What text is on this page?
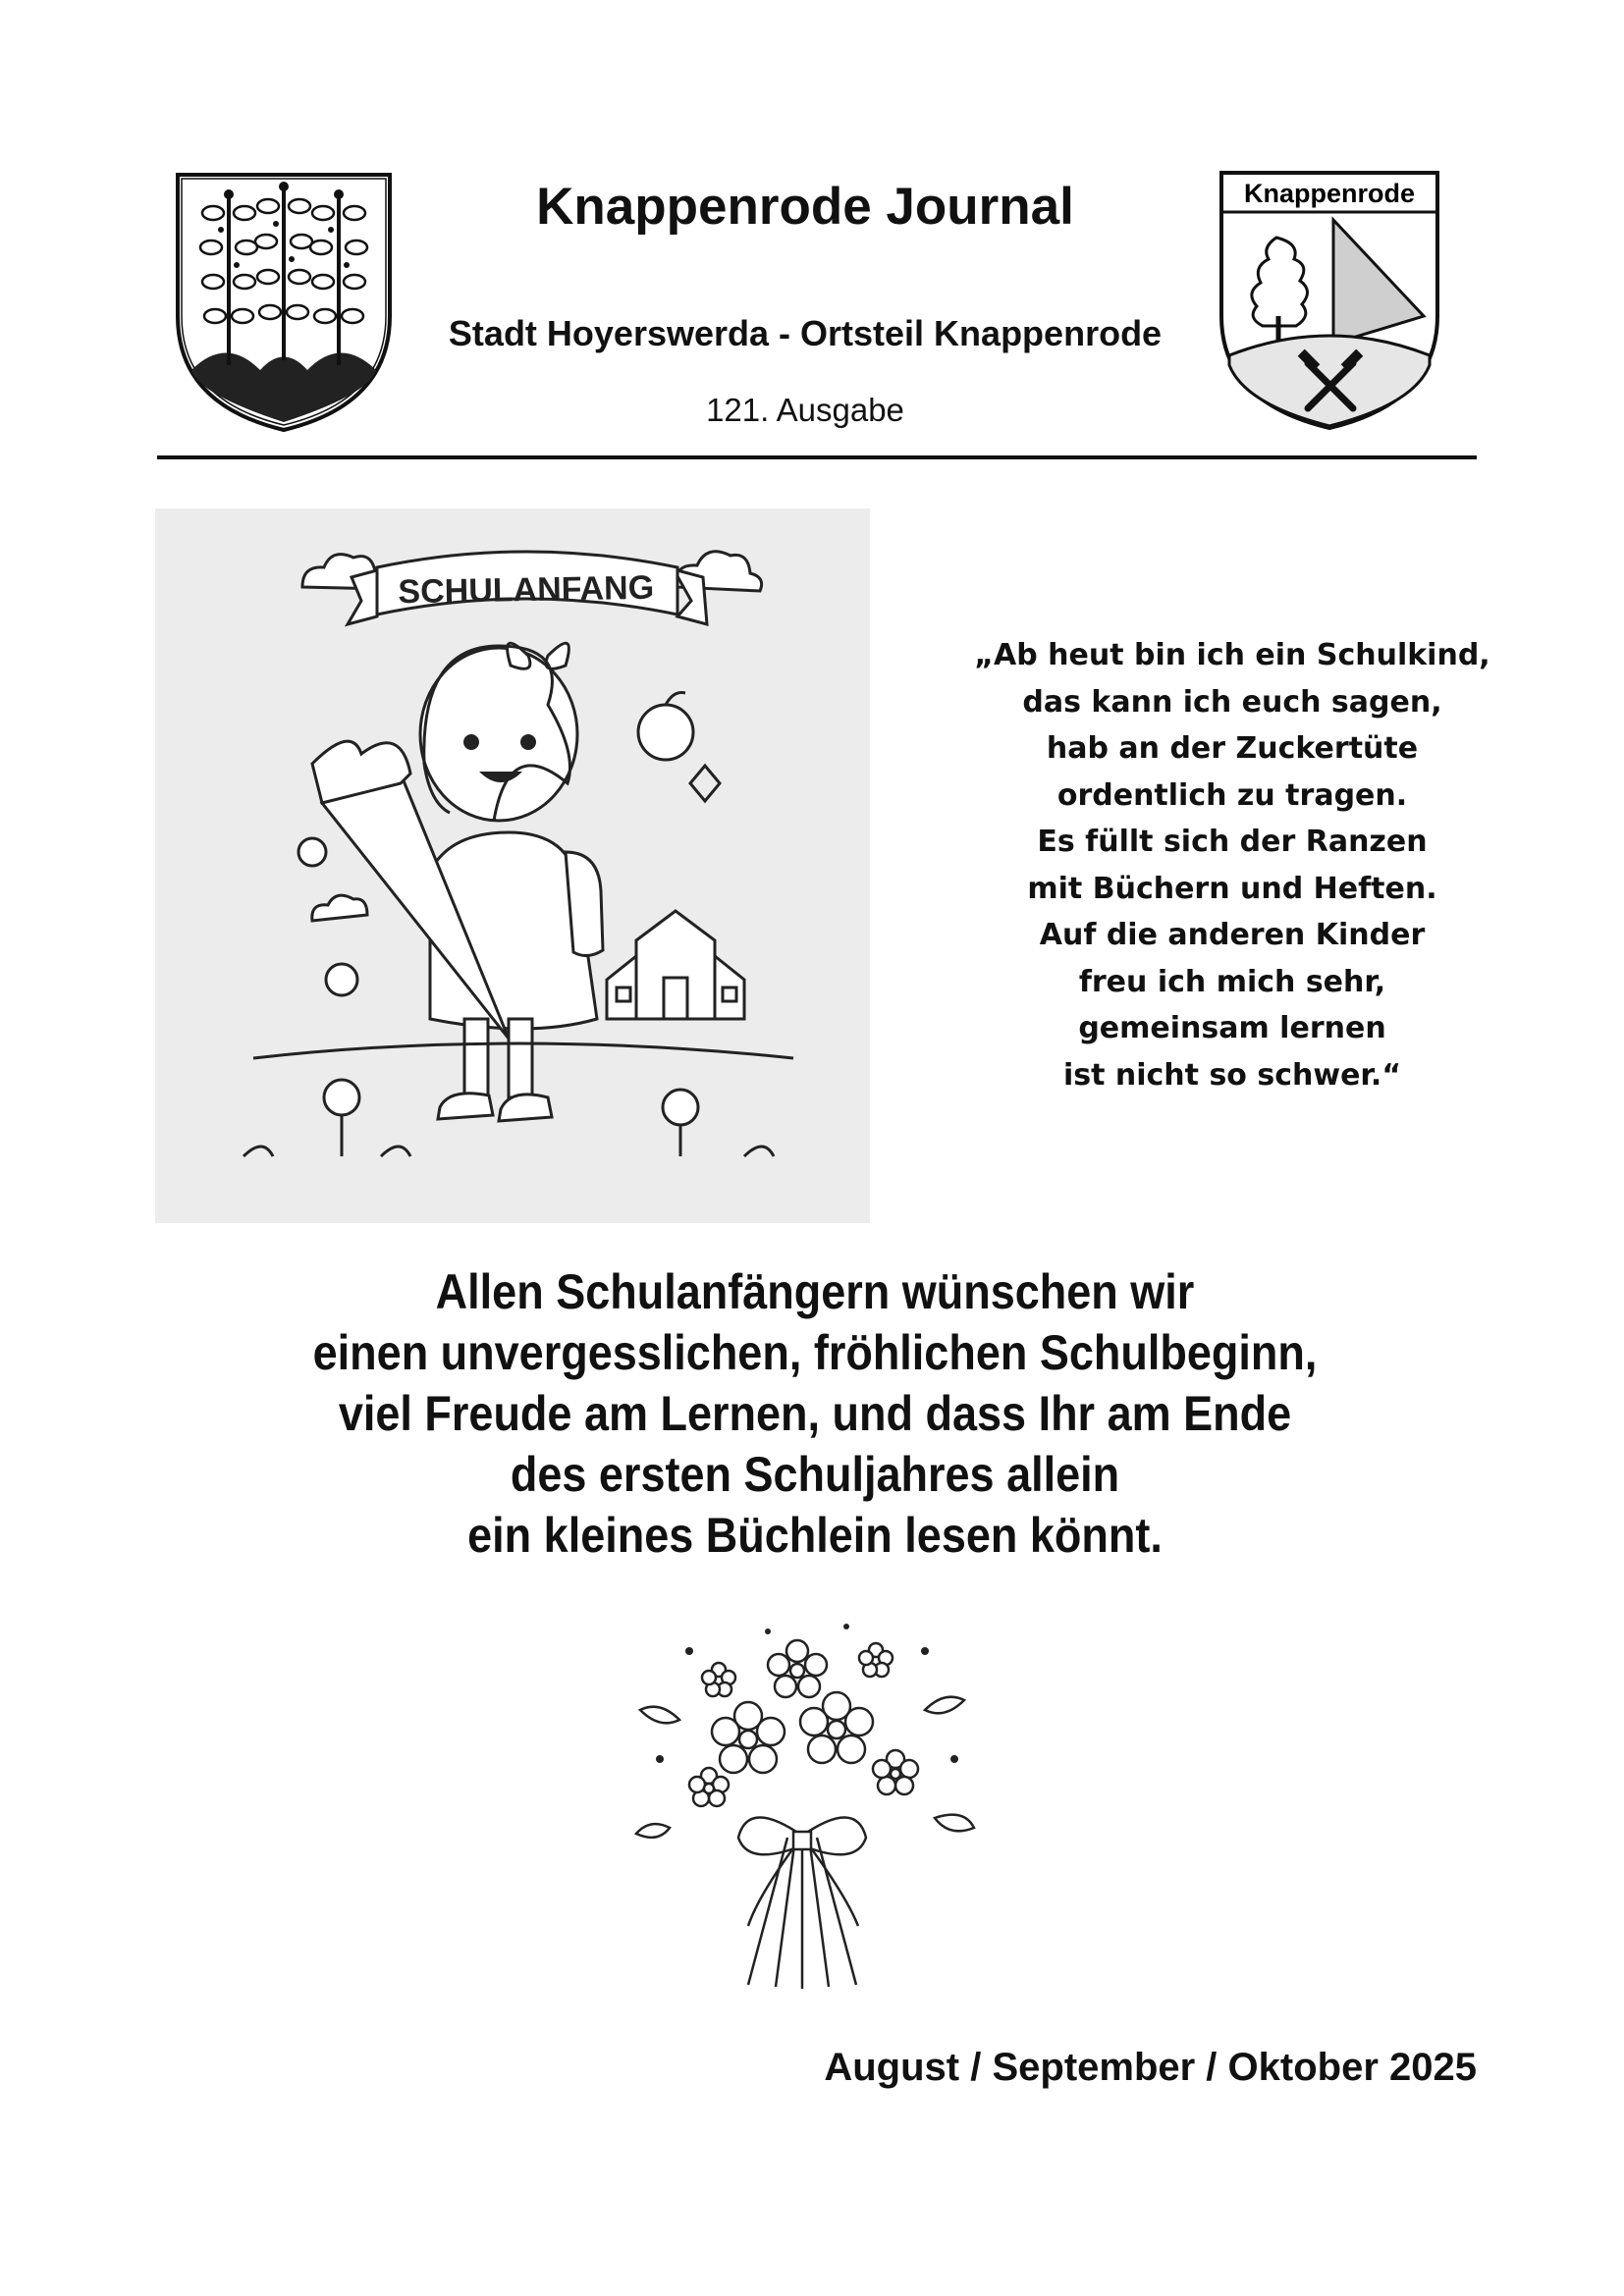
Knappenrode Journal
Stadt Hoyerswerda - Ortsteil Knappenrode
121. Ausgabe
Knappenrode
SCHULANFANG
„Ab heut bin ich ein Schulkind,
das kann ich euch sagen,
hab an der Zuckertüte
ordentlich zu tragen.
Es füllt sich der Ranzen
mit Büchern und Heften.
Auf die anderen Kinder
freu ich mich sehr,
gemeinsam lernen
ist nicht so schwer.“
Allen Schulanfängern wünschen wir
einen unvergesslichen, fröhlichen Schulbeginn,
viel Freude am Lernen, und dass Ihr am Ende
des ersten Schuljahres allein
ein kleines Büchlein lesen könnt.
August / September / Oktober 2025
